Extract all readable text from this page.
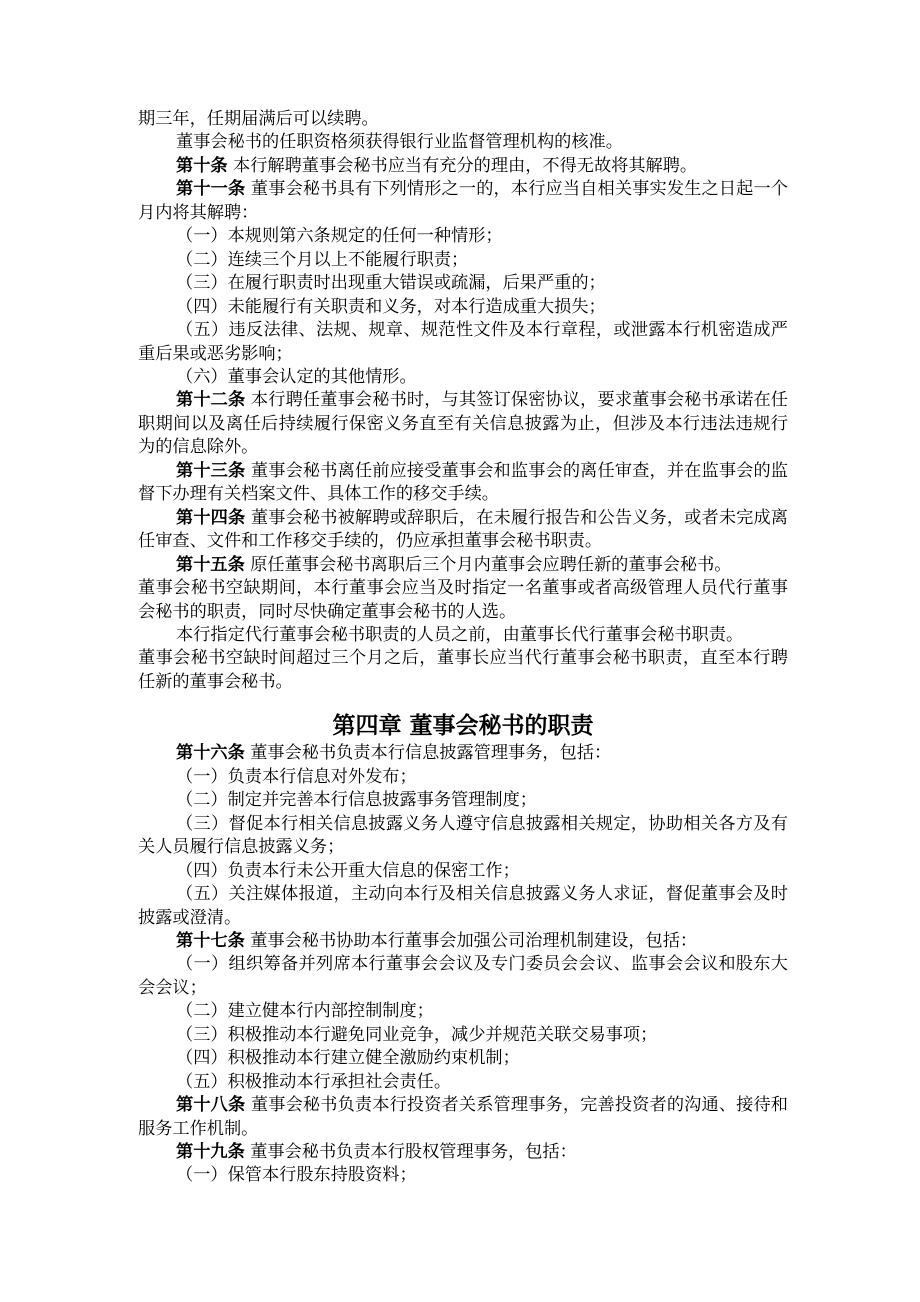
期三年，任期届满后可以续聘。

董事会秘书的任职资格须获得银行业监督管理机构的核准。

第十条 本行解聘董事会秘书应当有充分的理由，不得无故将其解聘。

第十一条 董事会秘书具有下列情形之一的，本行应当自相关事实发生之日起一个月内将其解聘：

（一）本规则第六条规定的任何一种情形；

（二）连续三个月以上不能履行职责；

（三）在履行职责时出现重大错误或疏漏，后果严重的；

（四）未能履行有关职责和义务，对本行造成重大损失；

（五）违反法律、法规、规章、规范性文件及本行章程，或泄露本行机密造成严重后果或恶劣影响；

（六）董事会认定的其他情形。

第十二条 本行聘任董事会秘书时，与其签订保密协议，要求董事会秘书承诺在任职期间以及离任后持续履行保密义务直至有关信息披露为止，但涉及本行违法违规行为的信息除外。

第十三条 董事会秘书离任前应接受董事会和监事会的离任审查，并在监事会的监督下办理有关档案文件、具体工作的移交手续。

第十四条 董事会秘书被解聘或辞职后，在未履行报告和公告义务，或者未完成离任审查、文件和工作移交手续的，仍应承担董事会秘书职责。

第十五条 原任董事会秘书离职后三个月内董事会应聘任新的董事会秘书。

董事会秘书空缺期间，本行董事会应当及时指定一名董事或者高级管理人员代行董事会秘书的职责，同时尽快确定董事会秘书的人选。

本行指定代行董事会秘书职责的人员之前，由董事长代行董事会秘书职责。

董事会秘书空缺时间超过三个月之后，董事长应当代行董事会秘书职责，直至本行聘任新的董事会秘书。

第四章 董事会秘书的职责

第十六条 董事会秘书负责本行信息披露管理事务，包括：

（一）负责本行信息对外发布；

（二）制定并完善本行信息披露事务管理制度；

（三）督促本行相关信息披露义务人遵守信息披露相关规定，协助相关各方及有关人员履行信息披露义务；

（四）负责本行未公开重大信息的保密工作；

（五）关注媒体报道，主动向本行及相关信息披露义务人求证，督促董事会及时披露或澄清。

第十七条 董事会秘书协助本行董事会加强公司治理机制建设，包括：

（一）组织筹备并列席本行董事会会议及专门委员会会议、监事会会议和股东大会会议；

（二）建立健本行内部控制制度；

（三）积极推动本行避免同业竞争，减少并规范关联交易事项；

（四）积极推动本行建立健全激励约束机制；

（五）积极推动本行承担社会责任。

第十八条 董事会秘书负责本行投资者关系管理事务，完善投资者的沟通、接待和服务工作机制。

第十九条 董事会秘书负责本行股权管理事务，包括：

（一）保管本行股东持股资料；
